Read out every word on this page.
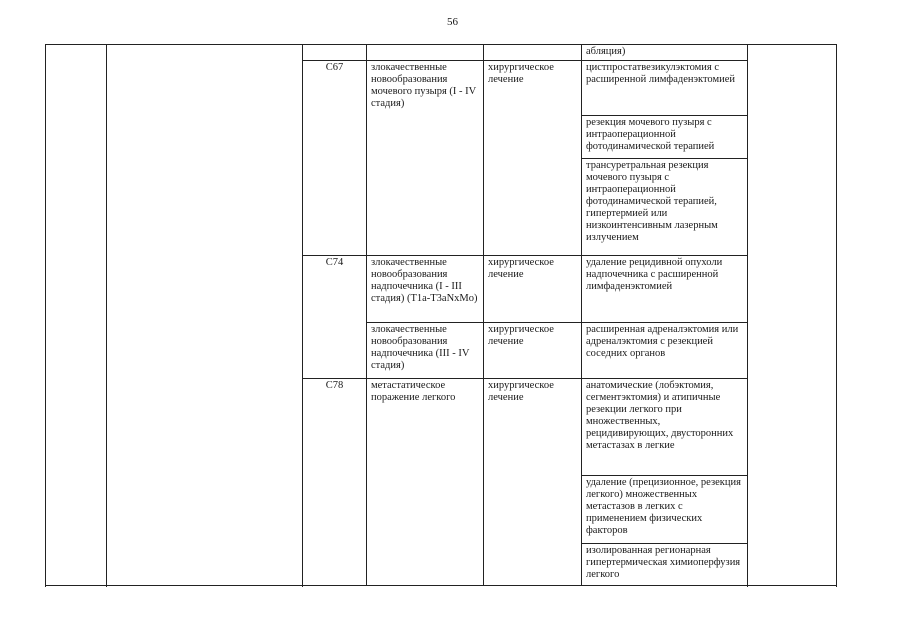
56
					абляция)	
		C67	злокачественные новообразования мочевого пузыря (I - IV стадия)	хирургическое лечение	цистпростатвезикулэктомия с расширенной лимфаденэктомией	
					резекция мочевого пузыря с интраоперационной фотодинамической терапией	
					трансуретральная резекция мочевого пузыря с интраоперационной фотодинамической терапией, гипертермией или низкоинтенсивным лазерным излучением	
		C74	злокачественные новообразования надпочечника (I - III стадия) (T1a-T3aNxMo)	хирургическое лечение	удаление рецидивной опухоли надпочечника с расширенной лимфаденэктомией	
			злокачественные новообразования надпочечника (III - IV стадия)	хирургическое лечение	расширенная адреналэктомия или адреналэктомия с резекцией соседних органов	
		C78	метастатическое поражение легкого	хирургическое лечение	анатомические (лобэктомия, сегментэктомия) и атипичные резекции легкого при множественных, рецидивирующих, двусторонних метастазах в легкие	
					удаление (прецизионное, резекция легкого) множественных метастазов в легких с применением физических факторов	
					изолированная регионарная гипертермическая химиоперфузия легкого	
